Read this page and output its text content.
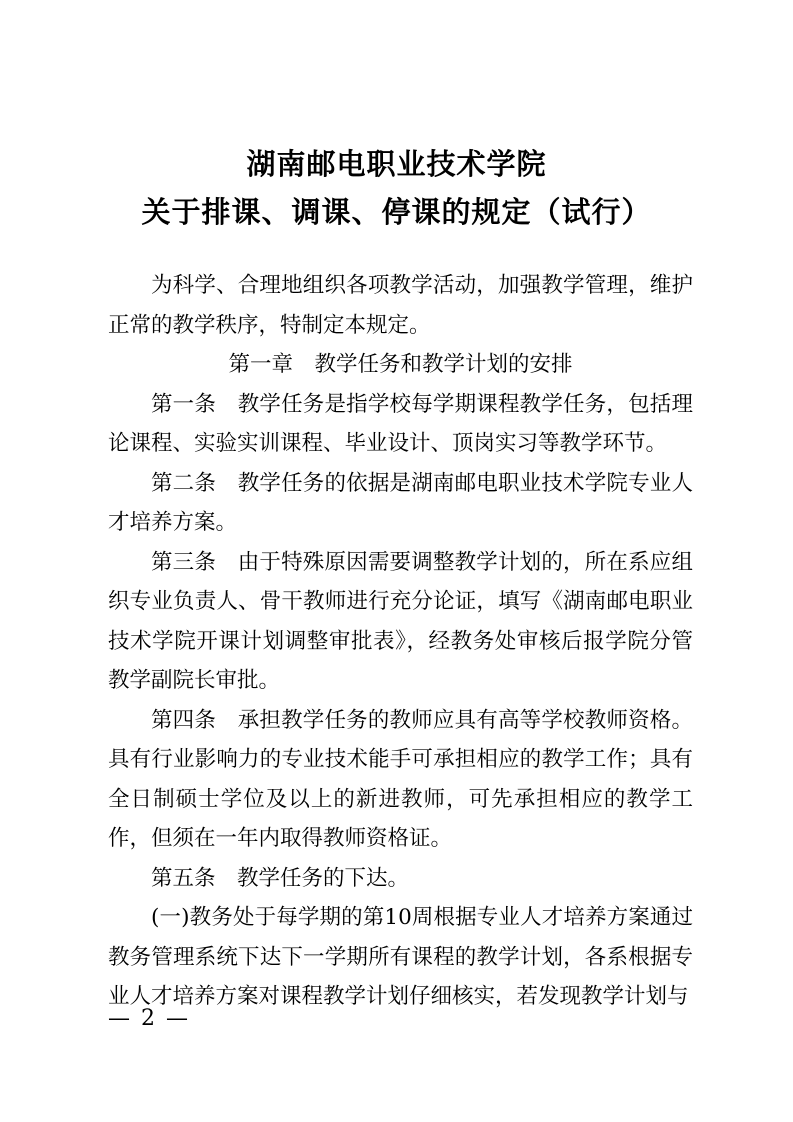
湖南邮电职业技术学院
关于排课、调课、停课的规定（试行）

为科学、合理地组织各项教学活动，加强教学管理，维护正常的教学秩序，特制定本规定。

第一章　教学任务和教学计划的安排

第一条 教学任务是指学校每学期课程教学任务，包括理论课程、实验实训课程、毕业设计、顶岗实习等教学环节。

第二条 教学任务的依据是湖南邮电职业技术学院专业人才培养方案。

第三条 由于特殊原因需要调整教学计划的，所在系应组织专业负责人、骨干教师进行充分论证，填写《湖南邮电职业技术学院开课计划调整审批表》，经教务处审核后报学院分管教学副院长审批。

第四条 承担教学任务的教师应具有高等学校教师资格。具有行业影响力的专业技术能手可承担相应的教学工作；具有全日制硕士学位及以上的新进教师，可先承担相应的教学工作，但须在一年内取得教师资格证。

第五条 教学任务的下达。

(一)教务处于每学期的第10周根据专业人才培养方案通过教务管理系统下达下一学期所有课程的教学计划，各系根据专业人才培养方案对课程教学计划仔细核实，若发现教学计划与

— 2 —
